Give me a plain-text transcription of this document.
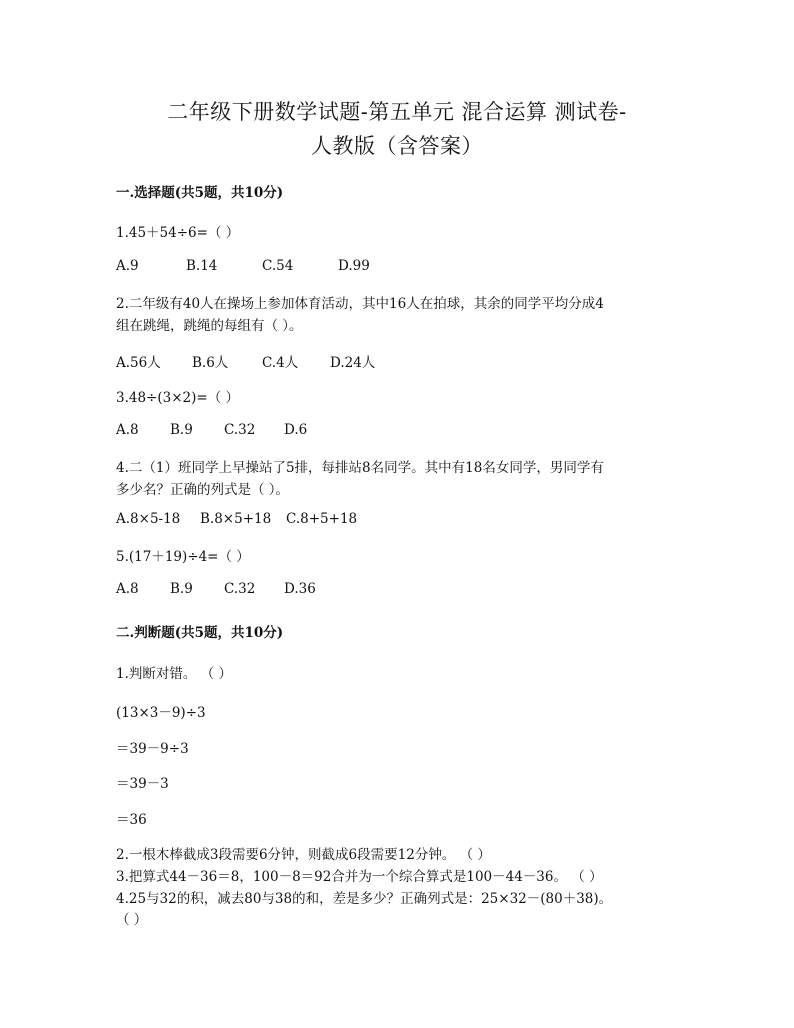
二年级下册数学试题-第五单元 混合运算 测试卷-
人教版（含答案）
一.选择题(共5题，共10分)
1.45＋54÷6=（ ）
A.9	B.14	C.54	D.99
2.二年级有40人在操场上参加体育活动，其中16人在拍球，其余的同学平均分成4
组在跳绳，跳绳的每组有（ ）。
A.56人 B.6人 C.4人 D.24人
3.48÷(3×2)=（ ）
A.8 B.9 C.32 D.6
4.二（1）班同学上早操站了5排，每排站8名同学。其中有18名女同学，男同学有
多少名？正确的列式是（ ）。
A.8×5-18 B.8×5+18 C.8+5+18
5.(17＋19)÷4=（ ）
A.8 B.9 C.32 D.36
二.判断题(共5题，共10分)
1.判断对错。 （ ）
(13×3－9)÷3
＝39－9÷3
＝39－3
＝36
2.一根木棒截成3段需要6分钟，则截成6段需要12分钟。 （ ）
3.把算式44－36＝8，100－8＝92合并为一个综合算式是100－44－36。 （ ）
4.25与32的积，减去80与38的和，差是多少？正确列式是：25×32－(80＋38)。
（ ）
